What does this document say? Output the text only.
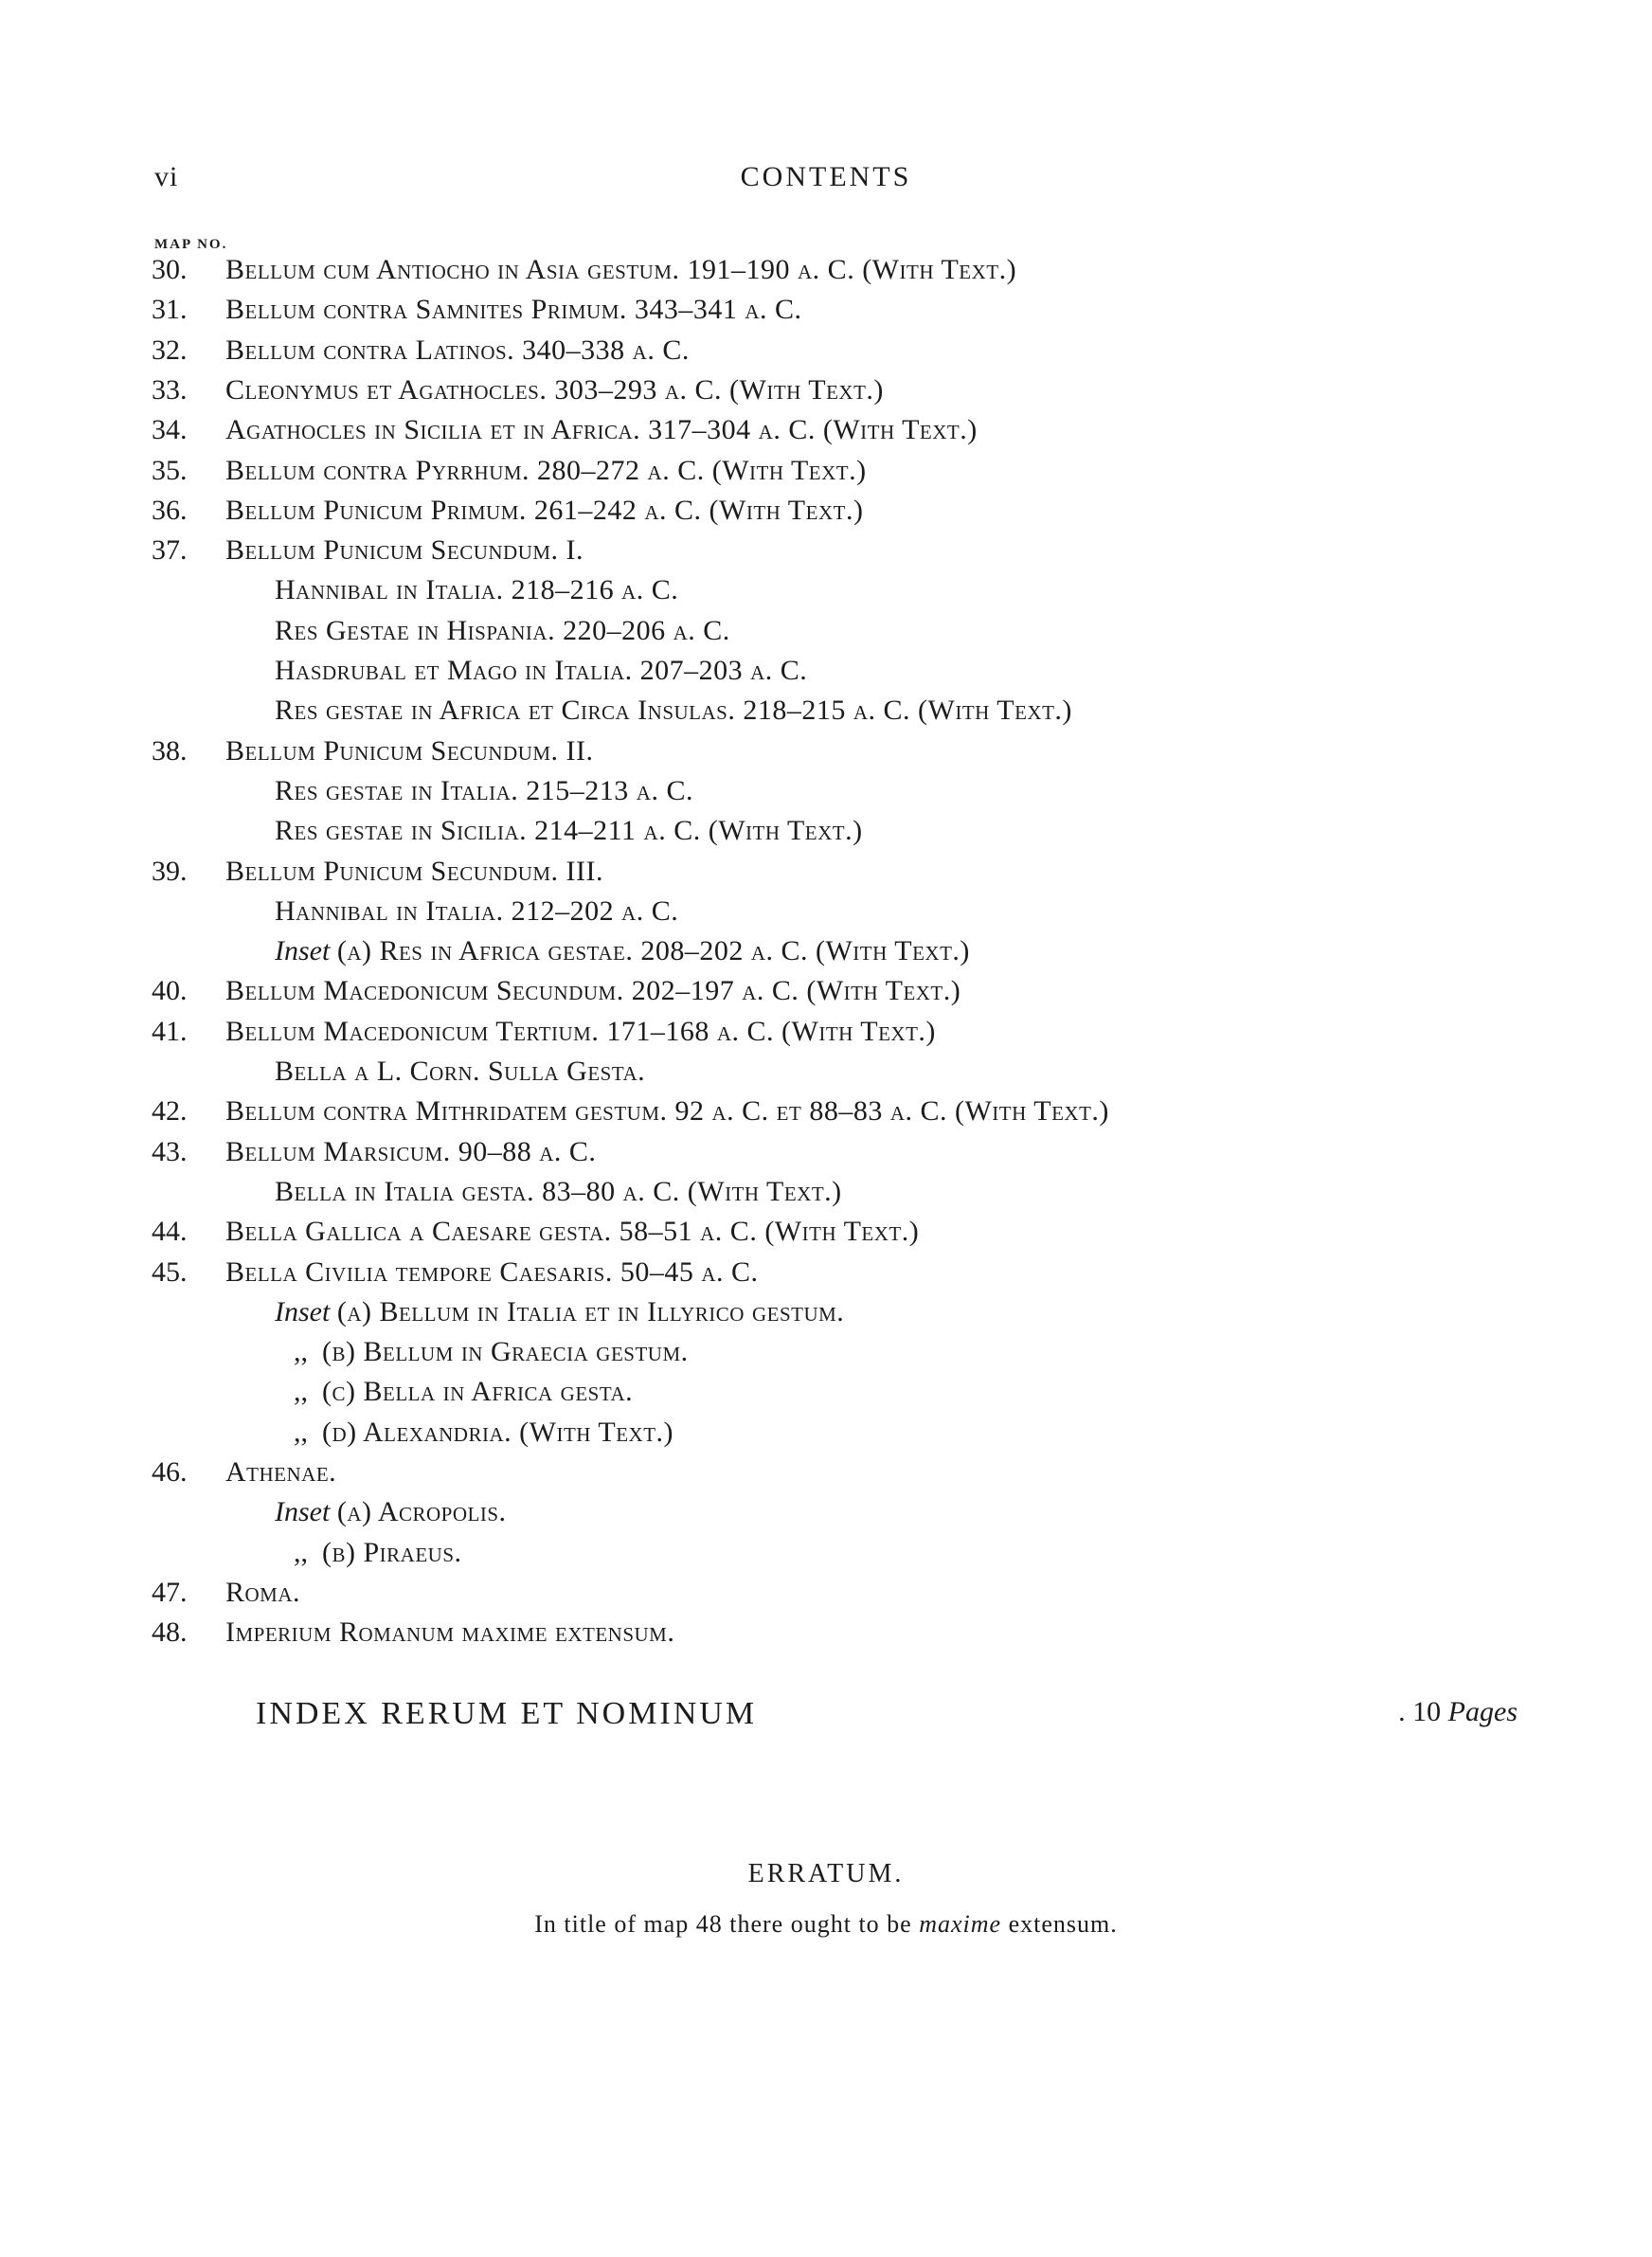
vi	CONTENTS
MAP NO.
30.	Bellum cum Antiocho in Asia gestum. 191–190 a. C. (With Text.)
31.	Bellum contra Samnites Primum. 343–341 a. C.
32.	Bellum contra Latinos. 340–338 a. C.
33.	Cleonymus et Agathocles. 303–293 a. C. (With Text.)
34.	Agathocles in Sicilia et in Africa. 317–304 a. C. (With Text.)
35.	Bellum contra Pyrrhum. 280–272 a. C. (With Text.)
36.	Bellum Punicum Primum. 261–242 a. C. (With Text.)
37.	Bellum Punicum Secundum. I.
Hannibal in Italia. 218–216 a. C.
Res Gestae in Hispania. 220–206 a. C.
Hasdrubal et Mago in Italia. 207–203 a. C.
Res gestae in Africa et Circa Insulas. 218–215 a. C. (With Text.)
38.	Bellum Punicum Secundum. II.
Res gestae in Italia. 215–213 a. C.
Res gestae in Sicilia. 214–211 a. C. (With Text.)
39.	Bellum Punicum Secundum. III.
Hannibal in Italia. 212–202 a. C.
Inset (a) Res in Africa gestae. 208–202 a. C. (With Text.)
40.	Bellum Macedonicum Secundum. 202–197 a. C. (With Text.)
41.	Bellum Macedonicum Tertium. 171–168 a. C. (With Text.)
Bella a L. Corn. Sulla Gesta.
42.	Bellum contra Mithridatem gestum. 92 a. C. et 88–83 a. C. (With Text.)
43.	Bellum Marsicum. 90–88 a. C.
Bella in Italia gesta. 83–80 a. C. (With Text.)
44.	Bella Gallica a Caesare gesta. 58–51 a. C. (With Text.)
45.	Bella Civilia tempore Caesaris. 50–45 a. C.
Inset (a) Bellum in Italia et in Illyrico gestum.
,, (b) Bellum in Graecia gestum.
,, (c) Bella in Africa gesta.
,, (d) Alexandria. (With Text.)
46.	Athenae.
Inset (a) Acropolis.
,, (b) Piraeus.
47.	Roma.
48.	Imperium Romanum maxime extensum.
INDEX RERUM ET NOMINUM	. 10 Pages
ERRATUM.
In title of map 48 there ought to be maxime extensum.
